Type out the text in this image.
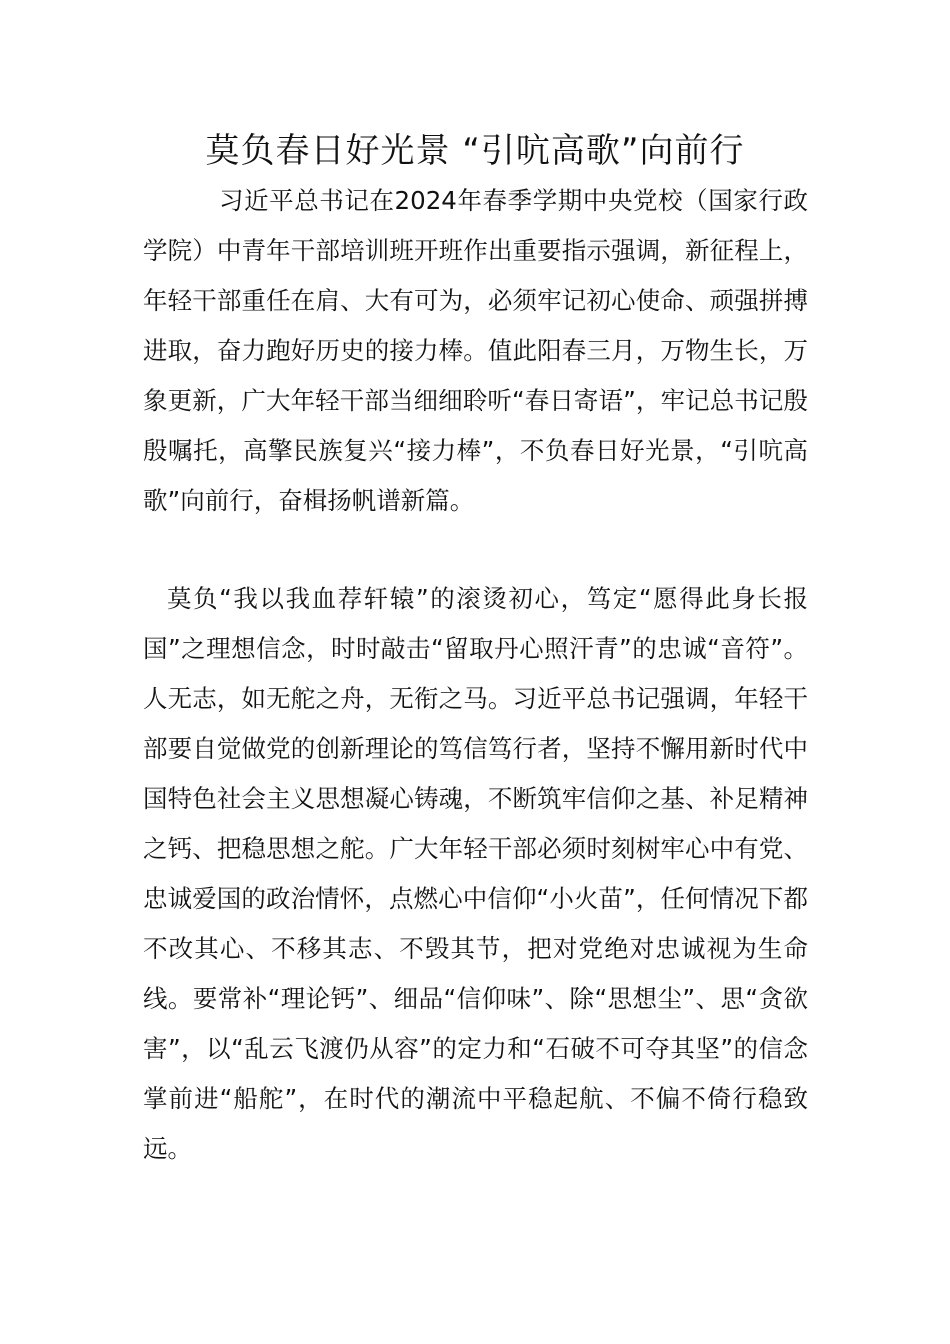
莫负春日好光景 “引吭高歌”向前行

习近平总书记在2024年春季学期中央党校（国家行政学院）中青年干部培训班开班作出重要指示强调，新征程上，年轻干部重任在肩、大有可为，必须牢记初心使命、顽强拼搏进取，奋力跑好历史的接力棒。值此阳春三月，万物生长，万象更新，广大年轻干部当细细聆听“春日寄语”，牢记总书记殷殷嘱托，高擎民族复兴“接力棒”，不负春日好光景，“引吭高歌”向前行，奋楫扬帆谱新篇。

莫负“我以我血荐轩辕”的滚烫初心，笃定“愿得此身长报国”之理想信念，时时敲击“留取丹心照汗青”的忠诚“音符”。人无志，如无舵之舟，无衔之马。习近平总书记强调，年轻干部要自觉做党的创新理论的笃信笃行者，坚持不懈用新时代中国特色社会主义思想凝心铸魂，不断筑牢信仰之基、补足精神之钙、把稳思想之舵。广大年轻干部必须时刻树牢心中有党、忠诚爱国的政治情怀，点燃心中信仰“小火苗”，任何情况下都不改其心、不移其志、不毁其节，把对党绝对忠诚视为生命线。要常补“理论钙”、细品“信仰味”、除“思想尘”、思“贪欲害”，以“乱云飞渡仍从容”的定力和“石破不可夺其坚”的信念掌前进“船舵”，在时代的潮流中平稳起航、不偏不倚行稳致远。
